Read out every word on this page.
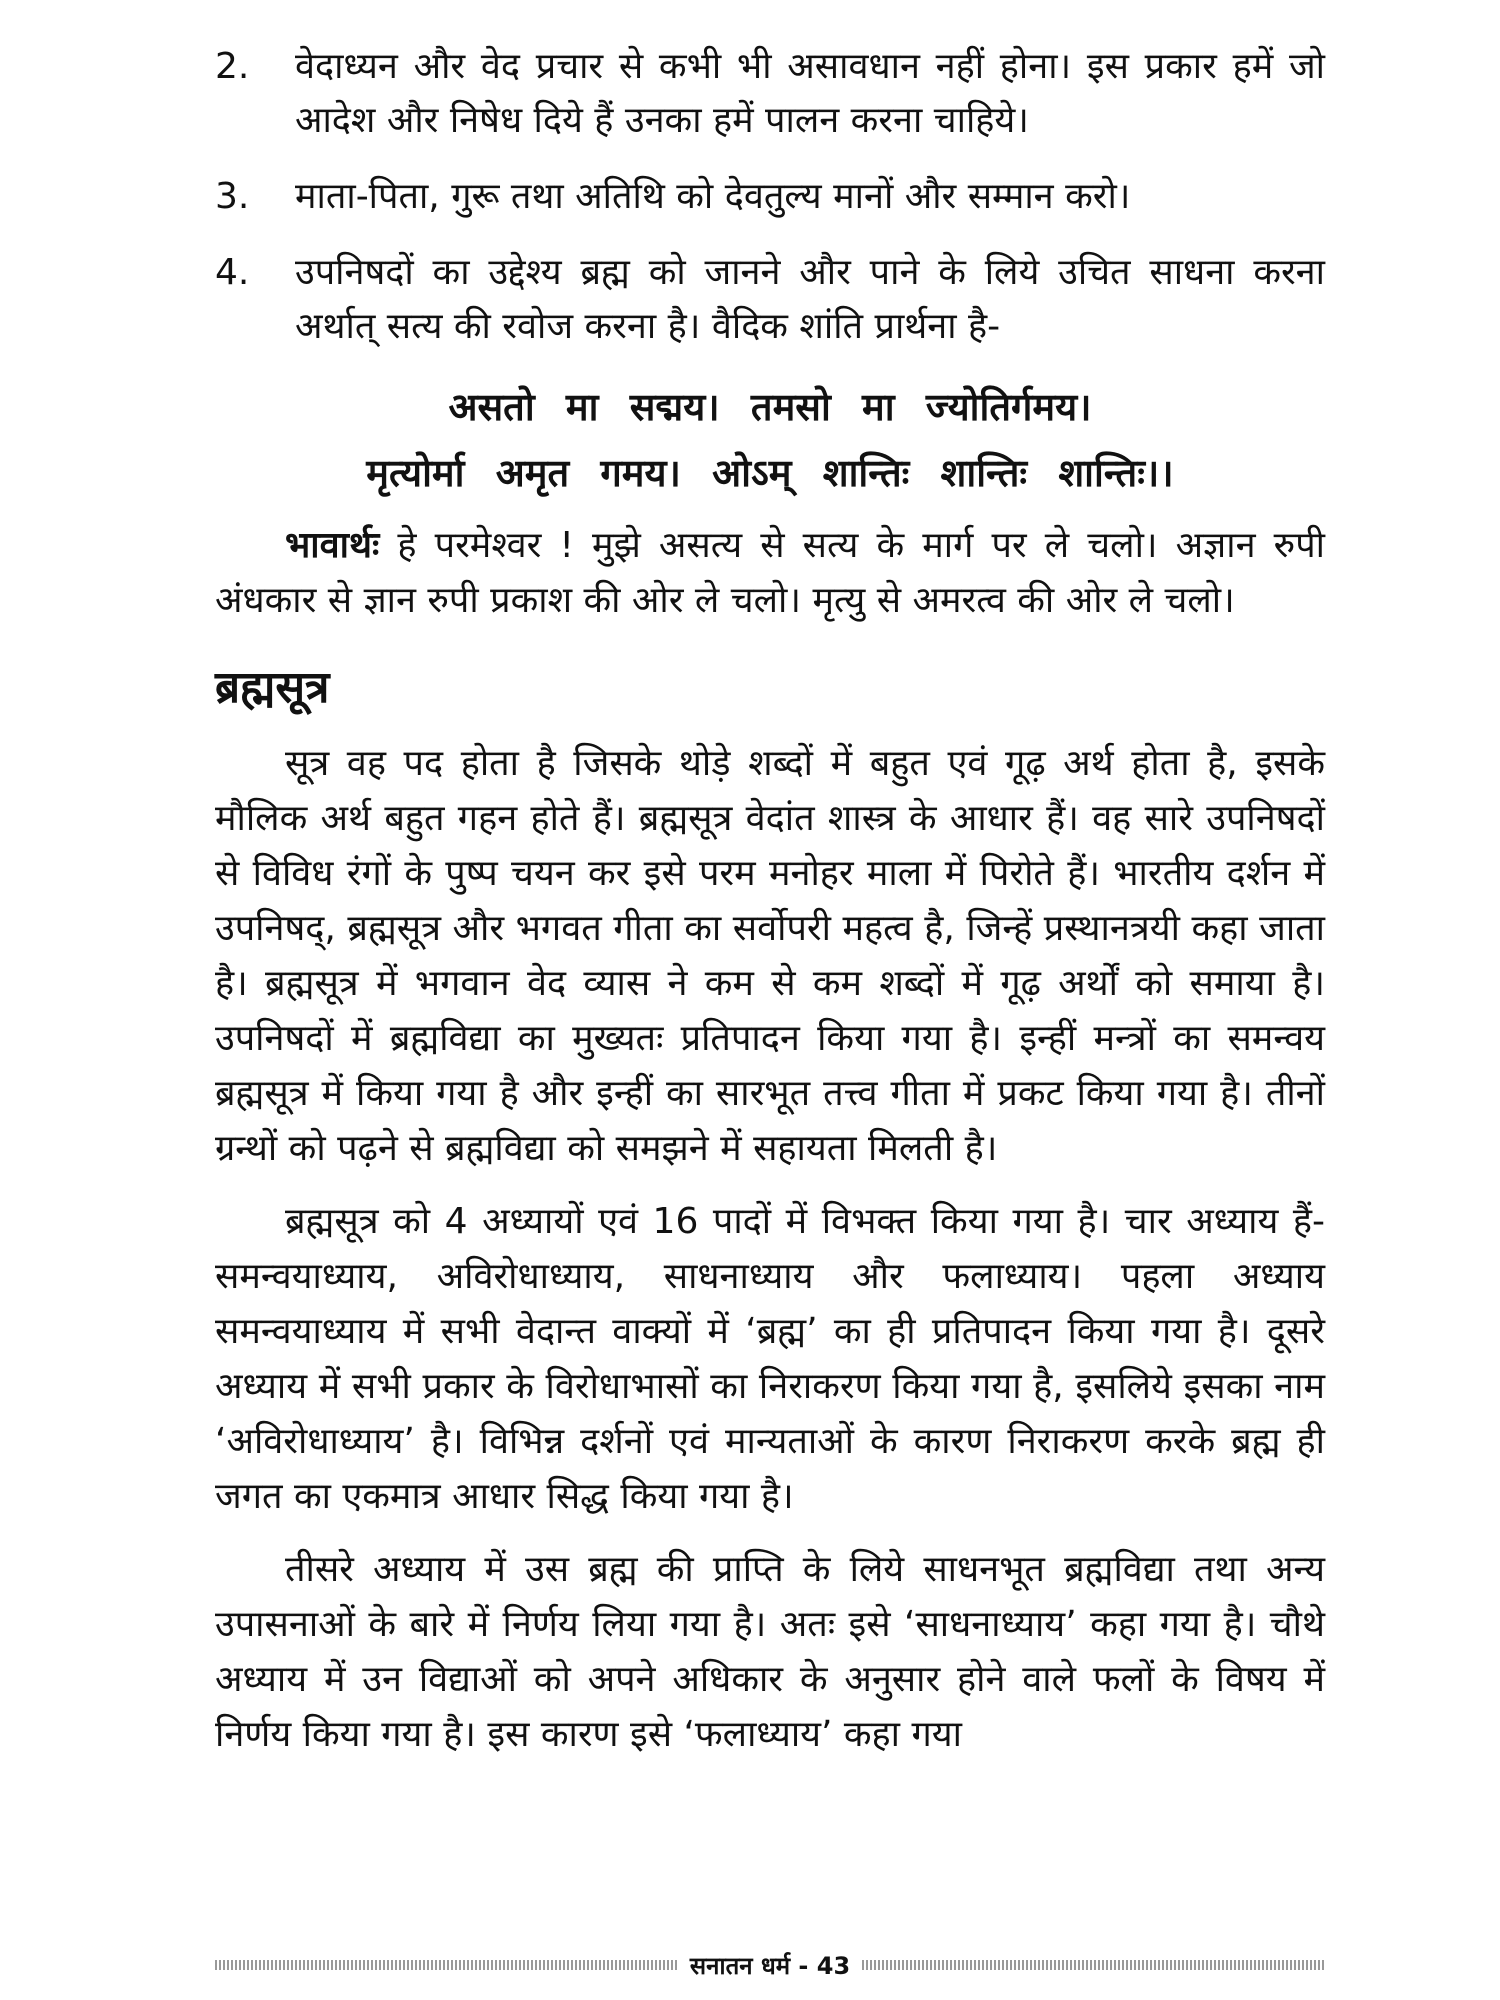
2.	वेदाध्यन और वेद प्रचार से कभी भी असावधान नहीं होना। इस प्रकार हमें जो आदेश और निषेध दिये हैं उनका हमें पालन करना चाहिये।
3.	माता-पिता, गुरू तथा अतिथि को देवतुल्य मानों और सम्मान करो।
4.	उपनिषदों का उद्देश्य ब्रह्म को जानने और पाने के लिये उचित साधना करना अर्थात् सत्य की रवोज करना है। वैदिक शांति प्रार्थना है-
असतो मा सद्मय। तमसो मा ज्योतिर्गमय।
मृत्योर्मा अमृत गमय। ओऽम् शान्तिः शान्तिः शान्तिः।।

भावार्थः हे परमेश्वर ! मुझे असत्य से सत्य के मार्ग पर ले चलो। अज्ञान रुपी अंधकार से ज्ञान रुपी प्रकाश की ओर ले चलो। मृत्यु से अमरत्व की ओर ले चलो।

ब्रह्मसूत्र

सूत्र वह पद होता है जिसके थोड़े शब्दों में बहुत एवं गूढ़ अर्थ होता है, इसके मौलिक अर्थ बहुत गहन होते हैं। ब्रह्मसूत्र वेदांत शास्त्र के आधार हैं। वह सारे उपनिषदों से विविध रंगों के पुष्प चयन कर इसे परम मनोहर माला में पिरोते हैं। भारतीय दर्शन में उपनिषद्, ब्रह्मसूत्र और भगवत गीता का सर्वोपरी महत्व है, जिन्हें प्रस्थानत्रयी कहा जाता है। ब्रह्मसूत्र में भगवान वेद व्यास ने कम से कम शब्दों में गूढ़ अर्थों को समाया है। उपनिषदों में ब्रह्मविद्या का मुख्यतः प्रतिपादन किया गया है। इन्हीं मन्त्रों का समन्वय ब्रह्मसूत्र में किया गया है और इन्हीं का सारभूत तत्त्व गीता में प्रकट किया गया है। तीनों ग्रन्थों को पढ़ने से ब्रह्मविद्या को समझने में सहायता मिलती है।

ब्रह्मसूत्र को 4 अध्यायों एवं 16 पादों में विभक्त किया गया है। चार अध्याय हैं- समन्वयाध्याय, अविरोधाध्याय, साधनाध्याय और फलाध्याय। पहला अध्याय समन्वयाध्याय में सभी वेदान्त वाक्यों में ‘ब्रह्म’ का ही प्रतिपादन किया गया है। दूसरे अध्याय में सभी प्रकार के विरोधाभासों का निराकरण किया गया है, इसलिये इसका नाम ‘अविरोधाध्याय’ है। विभिन्न दर्शनों एवं मान्यताओं के कारण निराकरण करके ब्रह्म ही जगत का एकमात्र आधार सिद्ध किया गया है।

तीसरे अध्याय में उस ब्रह्म की प्राप्ति के लिये साधनभूत ब्रह्मविद्या तथा अन्य उपासनाओं के बारे में निर्णय लिया गया है। अतः इसे ‘साधनाध्याय’ कहा गया है। चौथे अध्याय में उन विद्याओं को अपने अधिकार के अनुसार होने वाले फलों के विषय में निर्णय किया गया है। इस कारण इसे ‘फलाध्याय’ कहा गया

सनातन धर्म - 43
